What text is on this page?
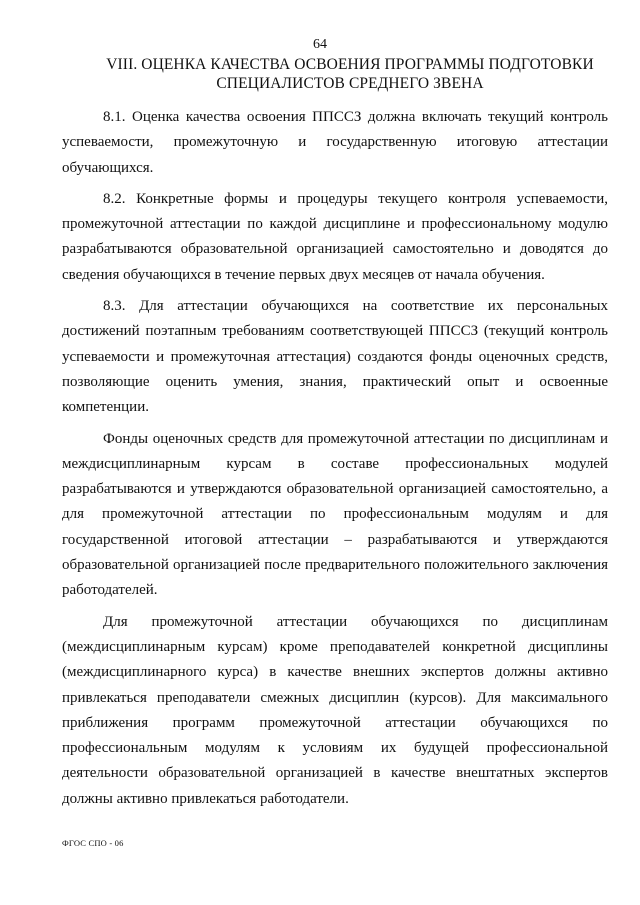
64
VIII. ОЦЕНКА КАЧЕСТВА ОСВОЕНИЯ ПРОГРАММЫ ПОДГОТОВКИ
СПЕЦИАЛИСТОВ СРЕДНЕГО ЗВЕНА

8.1. Оценка качества освоения ППССЗ должна включать текущий контроль успеваемости, промежуточную и государственную итоговую аттестации обучающихся.

8.2. Конкретные формы и процедуры текущего контроля успеваемости, промежуточной аттестации по каждой дисциплине и профессиональному модулю разрабатываются образовательной организацией самостоятельно и доводятся до сведения обучающихся в течение первых двух месяцев от начала обучения.

8.3. Для аттестации обучающихся на соответствие их персональных достижений поэтапным требованиям соответствующей ППССЗ (текущий контроль успеваемости и промежуточная аттестация) создаются фонды оценочных средств, позволяющие оценить умения, знания, практический опыт и освоенные компетенции.

Фонды оценочных средств для промежуточной аттестации по дисциплинам и междисциплинарным курсам в составе профессиональных модулей разрабатываются и утверждаются образовательной организацией самостоятельно, а для промежуточной аттестации по профессиональным модулям и для государственной итоговой аттестации – разрабатываются и утверждаются образовательной организацией после предварительного положительного заключения работодателей.

Для промежуточной аттестации обучающихся по дисциплинам (междисциплинарным курсам) кроме преподавателей конкретной дисциплины (междисциплинарного курса) в качестве внешних экспертов должны активно привлекаться преподаватели смежных дисциплин (курсов). Для максимального приближения программ промежуточной аттестации обучающихся по профессиональным модулям к условиям их будущей профессиональной деятельности образовательной организацией в качестве внештатных экспертов должны активно привлекаться работодатели.

ФГОС СПО - 06
